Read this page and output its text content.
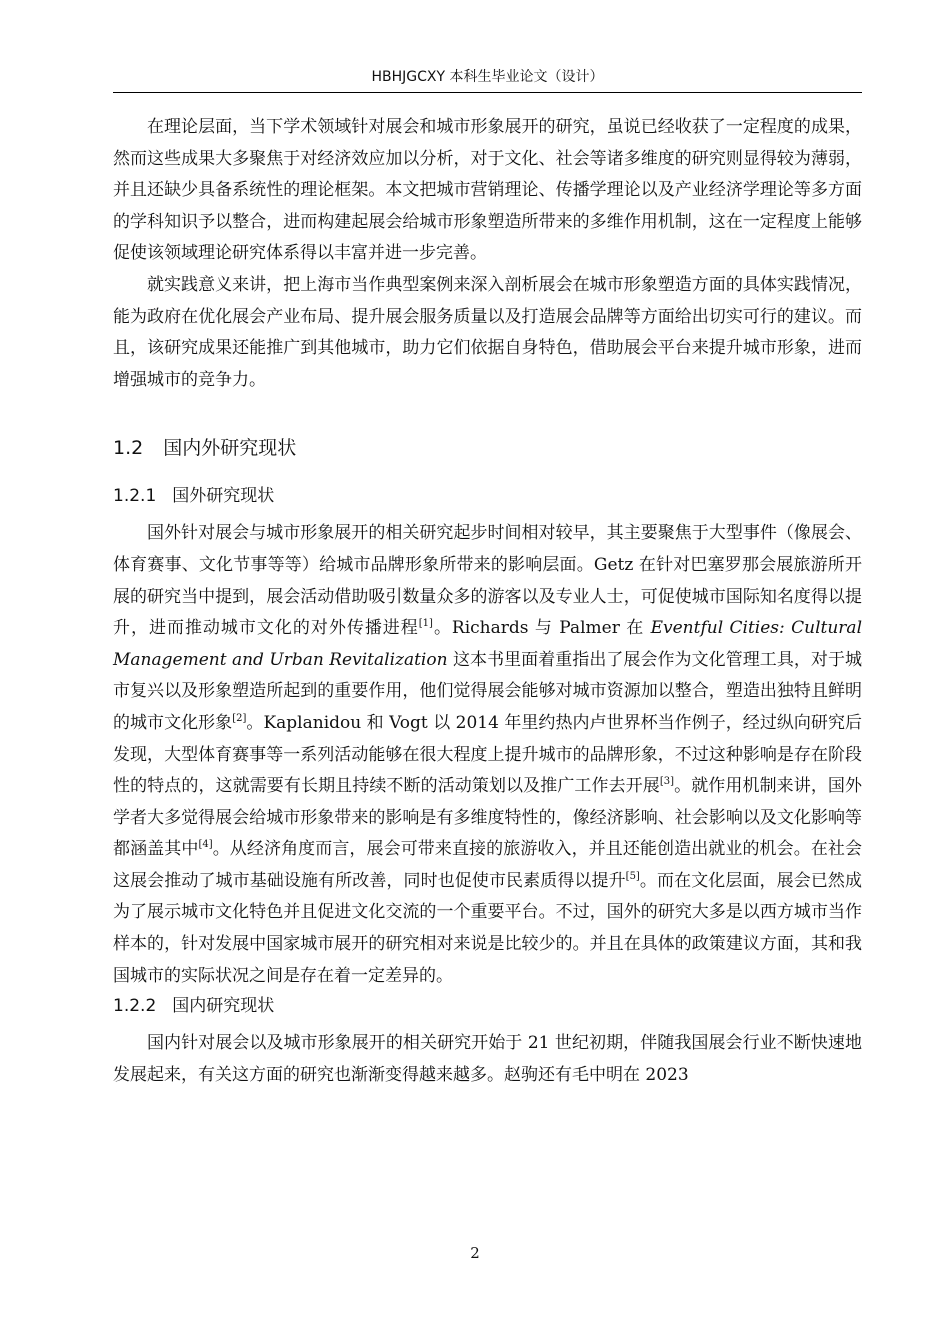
HBHJGCXY 本科生毕业论文（设计）

在理论层面，当下学术领域针对展会和城市形象展开的研究，虽说已经收获了一定程度的成果，然而这些成果大多聚焦于对经济效应加以分析，对于文化、社会等诸多维度的研究则显得较为薄弱，并且还缺少具备系统性的理论框架。本文把城市营销理论、传播学理论以及产业经济学理论等多方面的学科知识予以整合，进而构建起展会给城市形象塑造所带来的多维作用机制，这在一定程度上能够促使该领域理论研究体系得以丰富并进一步完善。

就实践意义来讲，把上海市当作典型案例来深入剖析展会在城市形象塑造方面的具体实践情况，能为政府在优化展会产业布局、提升展会服务质量以及打造展会品牌等方面给出切实可行的建议。而且，该研究成果还能推广到其他城市，助力它们依据自身特色，借助展会平台来提升城市形象，进而增强城市的竞争力。

1.2 国内外研究现状
1.2.1 国外研究现状

国外针对展会与城市形象展开的相关研究起步时间相对较早，其主要聚焦于大型事件（像展会、体育赛事、文化节事等等）给城市品牌形象所带来的影响层面。Getz 在针对巴塞罗那会展旅游所开展的研究当中提到，展会活动借助吸引数量众多的游客以及专业人士，可促使城市国际知名度得以提升，进而推动城市文化的对外传播进程[1]。Richards 与 Palmer 在 Eventful Cities: Cultural Management and Urban Revitalization 这本书里面着重指出了展会作为文化管理工具，对于城市复兴以及形象塑造所起到的重要作用，他们觉得展会能够对城市资源加以整合，塑造出独特且鲜明的城市文化形象[2]。Kaplanidou 和 Vogt 以 2014 年里约热内卢世界杯当作例子，经过纵向研究后发现，大型体育赛事等一系列活动能够在很大程度上提升城市的品牌形象，不过这种影响是存在阶段性的特点的，这就需要有长期且持续不断的活动策划以及推广工作去开展[3]。就作用机制来讲，国外学者大多觉得展会给城市形象带来的影响是有多维度特性的，像经济影响、社会影响以及文化影响等都涵盖其中[4]。从经济角度而言，展会可带来直接的旅游收入，并且还能创造出就业的机会。在社会这展会推动了城市基础设施有所改善，同时也促使市民素质得以提升[5]。而在文化层面，展会已然成为了展示城市文化特色并且促进文化交流的一个重要平台。不过，国外的研究大多是以西方城市当作样本的，针对发展中国家城市展开的研究相对来说是比较少的。并且在具体的政策建议方面，其和我国城市的实际状况之间是存在着一定差异的。

1.2.2 国内研究现状

国内针对展会以及城市形象展开的相关研究开始于 21 世纪初期，伴随我国展会行业不断快速地发展起来，有关这方面的研究也渐渐变得越来越多。赵驹还有毛中明在 2023

2
